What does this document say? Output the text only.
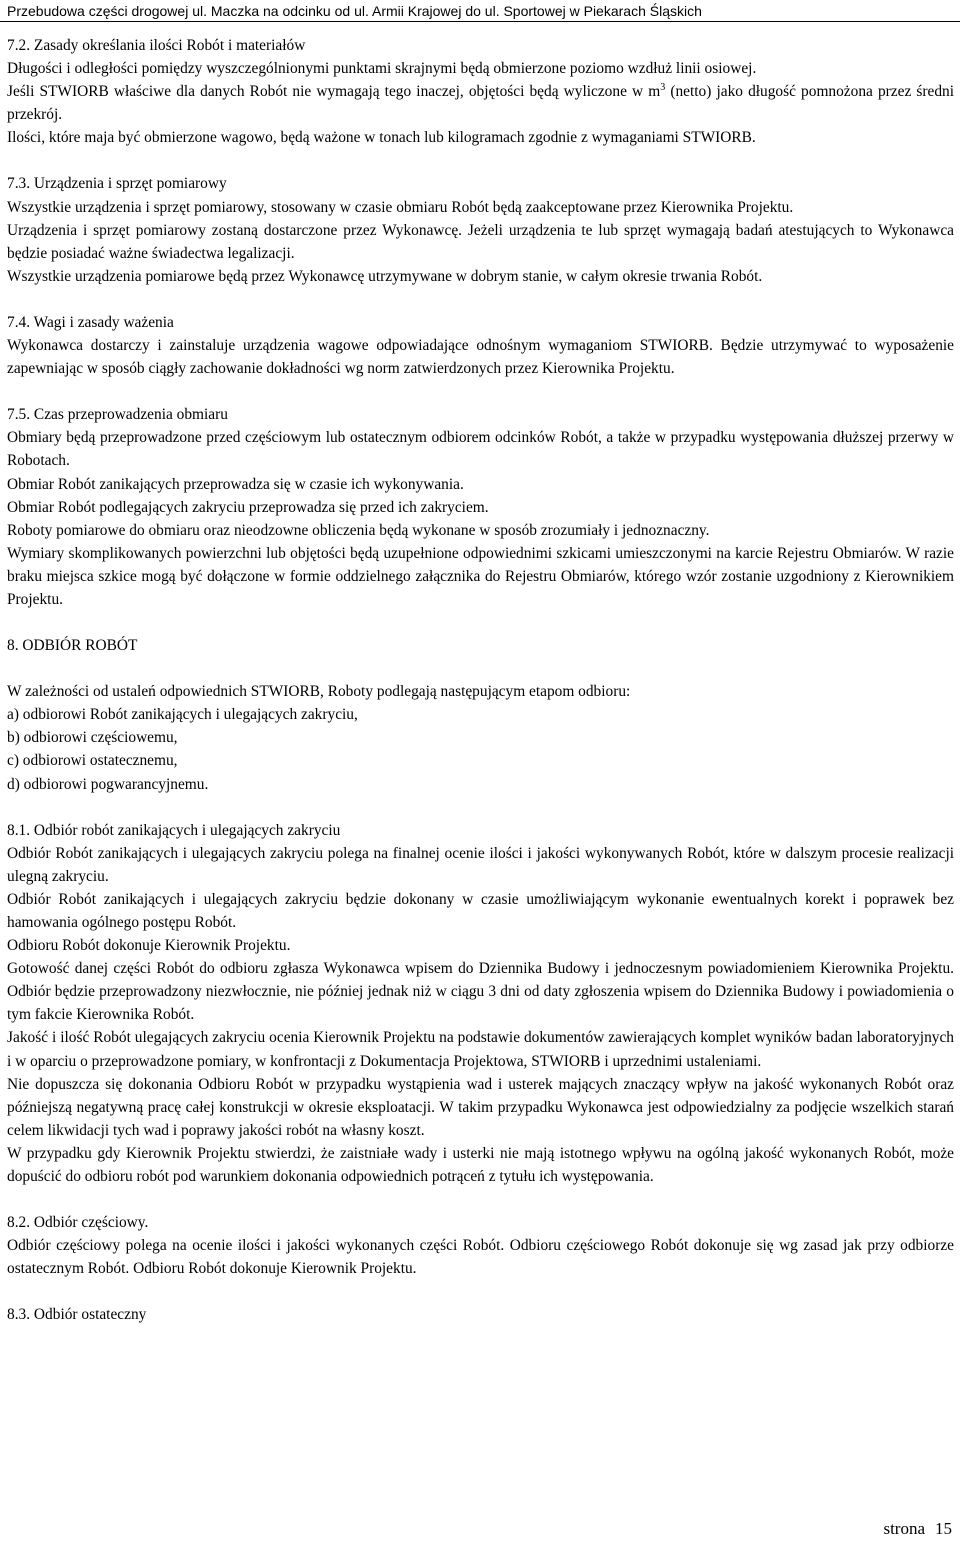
Przebudowa części drogowej ul. Maczka na odcinku od ul. Armii Krajowej do ul. Sportowej w Piekarach Śląskich
7.2. Zasady określania ilości Robót i materiałów

Długości i odległości pomiędzy wyszczególnionymi punktami skrajnymi będą obmierzone poziomo wzdłuż linii osiowej.

Jeśli STWIORB właściwe dla danych Robót nie wymagają tego inaczej, objętości będą wyliczone w $m^3$ (netto) jako długość pomnożona przez średni przekrój.

Ilości, które maja być obmierzone wagowo, będą ważone w tonach lub kilogramach zgodnie z wymaganiami STWIORB.

7.3. Urządzenia i sprzęt pomiarowy

Wszystkie urządzenia i sprzęt pomiarowy, stosowany w czasie obmiaru Robót będą zaakceptowane przez Kierownika Projektu.

Urządzenia i sprzęt pomiarowy zostaną dostarczone przez Wykonawcę. Jeżeli urządzenia te lub sprzęt wymagają badań atestujących to Wykonawca będzie posiadać ważne świadectwa legalizacji.

Wszystkie urządzenia pomiarowe będą przez Wykonawcę utrzymywane w dobrym stanie, w całym okresie trwania Robót.

7.4. Wagi i zasady ważenia

Wykonawca dostarczy i zainstaluje urządzenia wagowe odpowiadające odnośnym wymaganiom STWIORB. Będzie utrzymywać to wyposażenie zapewniając w sposób ciągły zachowanie dokładności wg norm zatwierdzonych przez Kierownika Projektu.

7.5. Czas przeprowadzenia obmiaru

Obmiary będą przeprowadzone przed częściowym lub ostatecznym odbiorem odcinków Robót, a także w przypadku występowania dłuższej przerwy w Robotach.

Obmiar Robót zanikających przeprowadza się w czasie ich wykonywania.

Obmiar Robót podlegających zakryciu przeprowadza się przed ich zakryciem.

Roboty pomiarowe do obmiaru oraz nieodzowne obliczenia będą wykonane w sposób zrozumiały i jednoznaczny.

Wymiary skomplikowanych powierzchni lub objętości będą uzupełnione odpowiednimi szkicami umieszczonymi na karcie Rejestru Obmiarów. W razie braku miejsca szkice mogą być dołączone w formie oddzielnego załącznika do Rejestru Obmiarów, którego wzór zostanie uzgodniony z Kierownikiem Projektu.

8. ODBIÓR ROBÓT

W zależności od ustaleń odpowiednich STWIORB, Roboty podlegają następującym etapom odbioru:

a) odbiorowi Robót zanikających i ulegających zakryciu,
b) odbiorowi częściowemu,
c) odbiorowi ostatecznemu,
d) odbiorowi pogwarancyjnemu.
8.1. Odbiór robót zanikających i ulegających zakryciu

Odbiór Robót zanikających i ulegających zakryciu polega na finalnej ocenie ilości i jakości wykonywanych Robót, które w dalszym procesie realizacji ulegną zakryciu.

Odbiór Robót zanikających i ulegających zakryciu będzie dokonany w czasie umożliwiającym wykonanie ewentualnych korekt i poprawek bez hamowania ogólnego postępu Robót.

Odbioru Robót dokonuje Kierownik Projektu.

Gotowość danej części Robót do odbioru zgłasza Wykonawca wpisem do Dziennika Budowy i jednoczesnym powiadomieniem Kierownika Projektu. Odbiór będzie przeprowadzony niezwłocznie, nie później jednak niż w ciągu 3 dni od daty zgłoszenia wpisem do Dziennika Budowy i powiadomienia o tym fakcie Kierownika Robót.

Jakość i ilość Robót ulegających zakryciu ocenia Kierownik Projektu na podstawie dokumentów zawierających komplet wyników badan laboratoryjnych i w oparciu o przeprowadzone pomiary, w konfrontacji z Dokumentacja Projektowa, STWIORB i uprzednimi ustaleniami.

Nie dopuszcza się dokonania Odbioru Robót w przypadku wystąpienia wad i usterek mających znaczący wpływ na jakość wykonanych Robót oraz późniejszą negatywną pracę całej konstrukcji w okresie eksploatacji. W takim przypadku Wykonawca jest odpowiedzialny za podjęcie wszelkich starań celem likwidacji tych wad i poprawy jakości robót na własny koszt.

W przypadku gdy Kierownik Projektu stwierdzi, że zaistniałe wady i usterki nie mają istotnego wpływu na ogólną jakość wykonanych Robót, może dopuścić do odbioru robót pod warunkiem dokonania odpowiednich potrąceń z tytułu ich występowania.

8.2. Odbiór częściowy.

Odbiór częściowy polega na ocenie ilości i jakości wykonanych części Robót. Odbioru częściowego Robót dokonuje się wg zasad jak przy odbiorze ostatecznym Robót. Odbioru Robót dokonuje Kierownik Projektu.

8.3. Odbiór ostateczny
strona 15
